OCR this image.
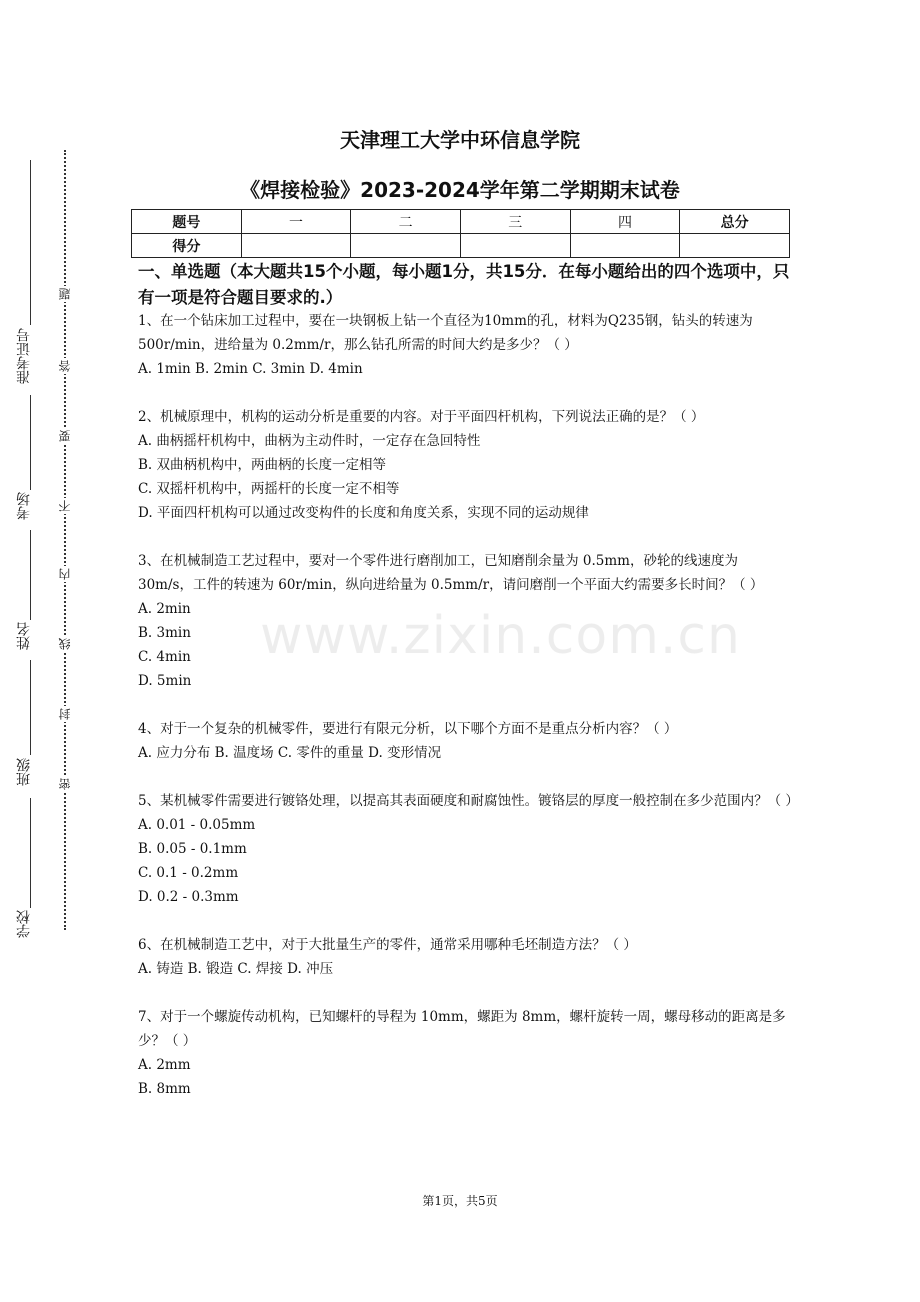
准考证号
考场
姓名
班级
学校
题
答
要
不
内
线
封
密
www.zixin.com.cn
天津理工大学中环信息学院
《焊接检验》2023-2024学年第二学期期末试卷
题号	一	二	三	四	总分
得分					
一、单选题（本大题共15个小题，每小题1分，共15分．在每小题给出的四个选项中，只有一项是符合题目要求的.）

1、在一个钻床加工过程中，要在一块钢板上钻一个直径为10mm的孔，材料为Q235钢，钻头的转速为 500r/min，进给量为 0.2mm/r，那么钻孔所需的时间大约是多少？（ ）

A. 1min B. 2min C. 3min D. 4min

2、机械原理中，机构的运动分析是重要的内容。对于平面四杆机构，下列说法正确的是？（ ）

A. 曲柄摇杆机构中，曲柄为主动件时，一定存在急回特性

B. 双曲柄机构中，两曲柄的长度一定相等

C. 双摇杆机构中，两摇杆的长度一定不相等

D. 平面四杆机构可以通过改变构件的长度和角度关系，实现不同的运动规律

3、在机械制造工艺过程中，要对一个零件进行磨削加工，已知磨削余量为 0.5mm，砂轮的线速度为 30m/s，工件的转速为 60r/min，纵向进给量为 0.5mm/r，请问磨削一个平面大约需要多长时间？（ ）

A. 2min

B. 3min

C. 4min

D. 5min

4、对于一个复杂的机械零件，要进行有限元分析，以下哪个方面不是重点分析内容？（ ）

A. 应力分布 B. 温度场 C. 零件的重量 D. 变形情况

5、某机械零件需要进行镀铬处理，以提高其表面硬度和耐腐蚀性。镀铬层的厚度一般控制在多少范围内？（ ）

A. 0.01 - 0.05mm

B. 0.05 - 0.1mm

C. 0.1 - 0.2mm

D. 0.2 - 0.3mm

6、在机械制造工艺中，对于大批量生产的零件，通常采用哪种毛坯制造方法？（ ）

A. 铸造 B. 锻造 C. 焊接 D. 冲压

7、对于一个螺旋传动机构，已知螺杆的导程为 10mm，螺距为 8mm，螺杆旋转一周，螺母移动的距离是多少？（ ）

A. 2mm

B. 8mm

第1页，共5页
